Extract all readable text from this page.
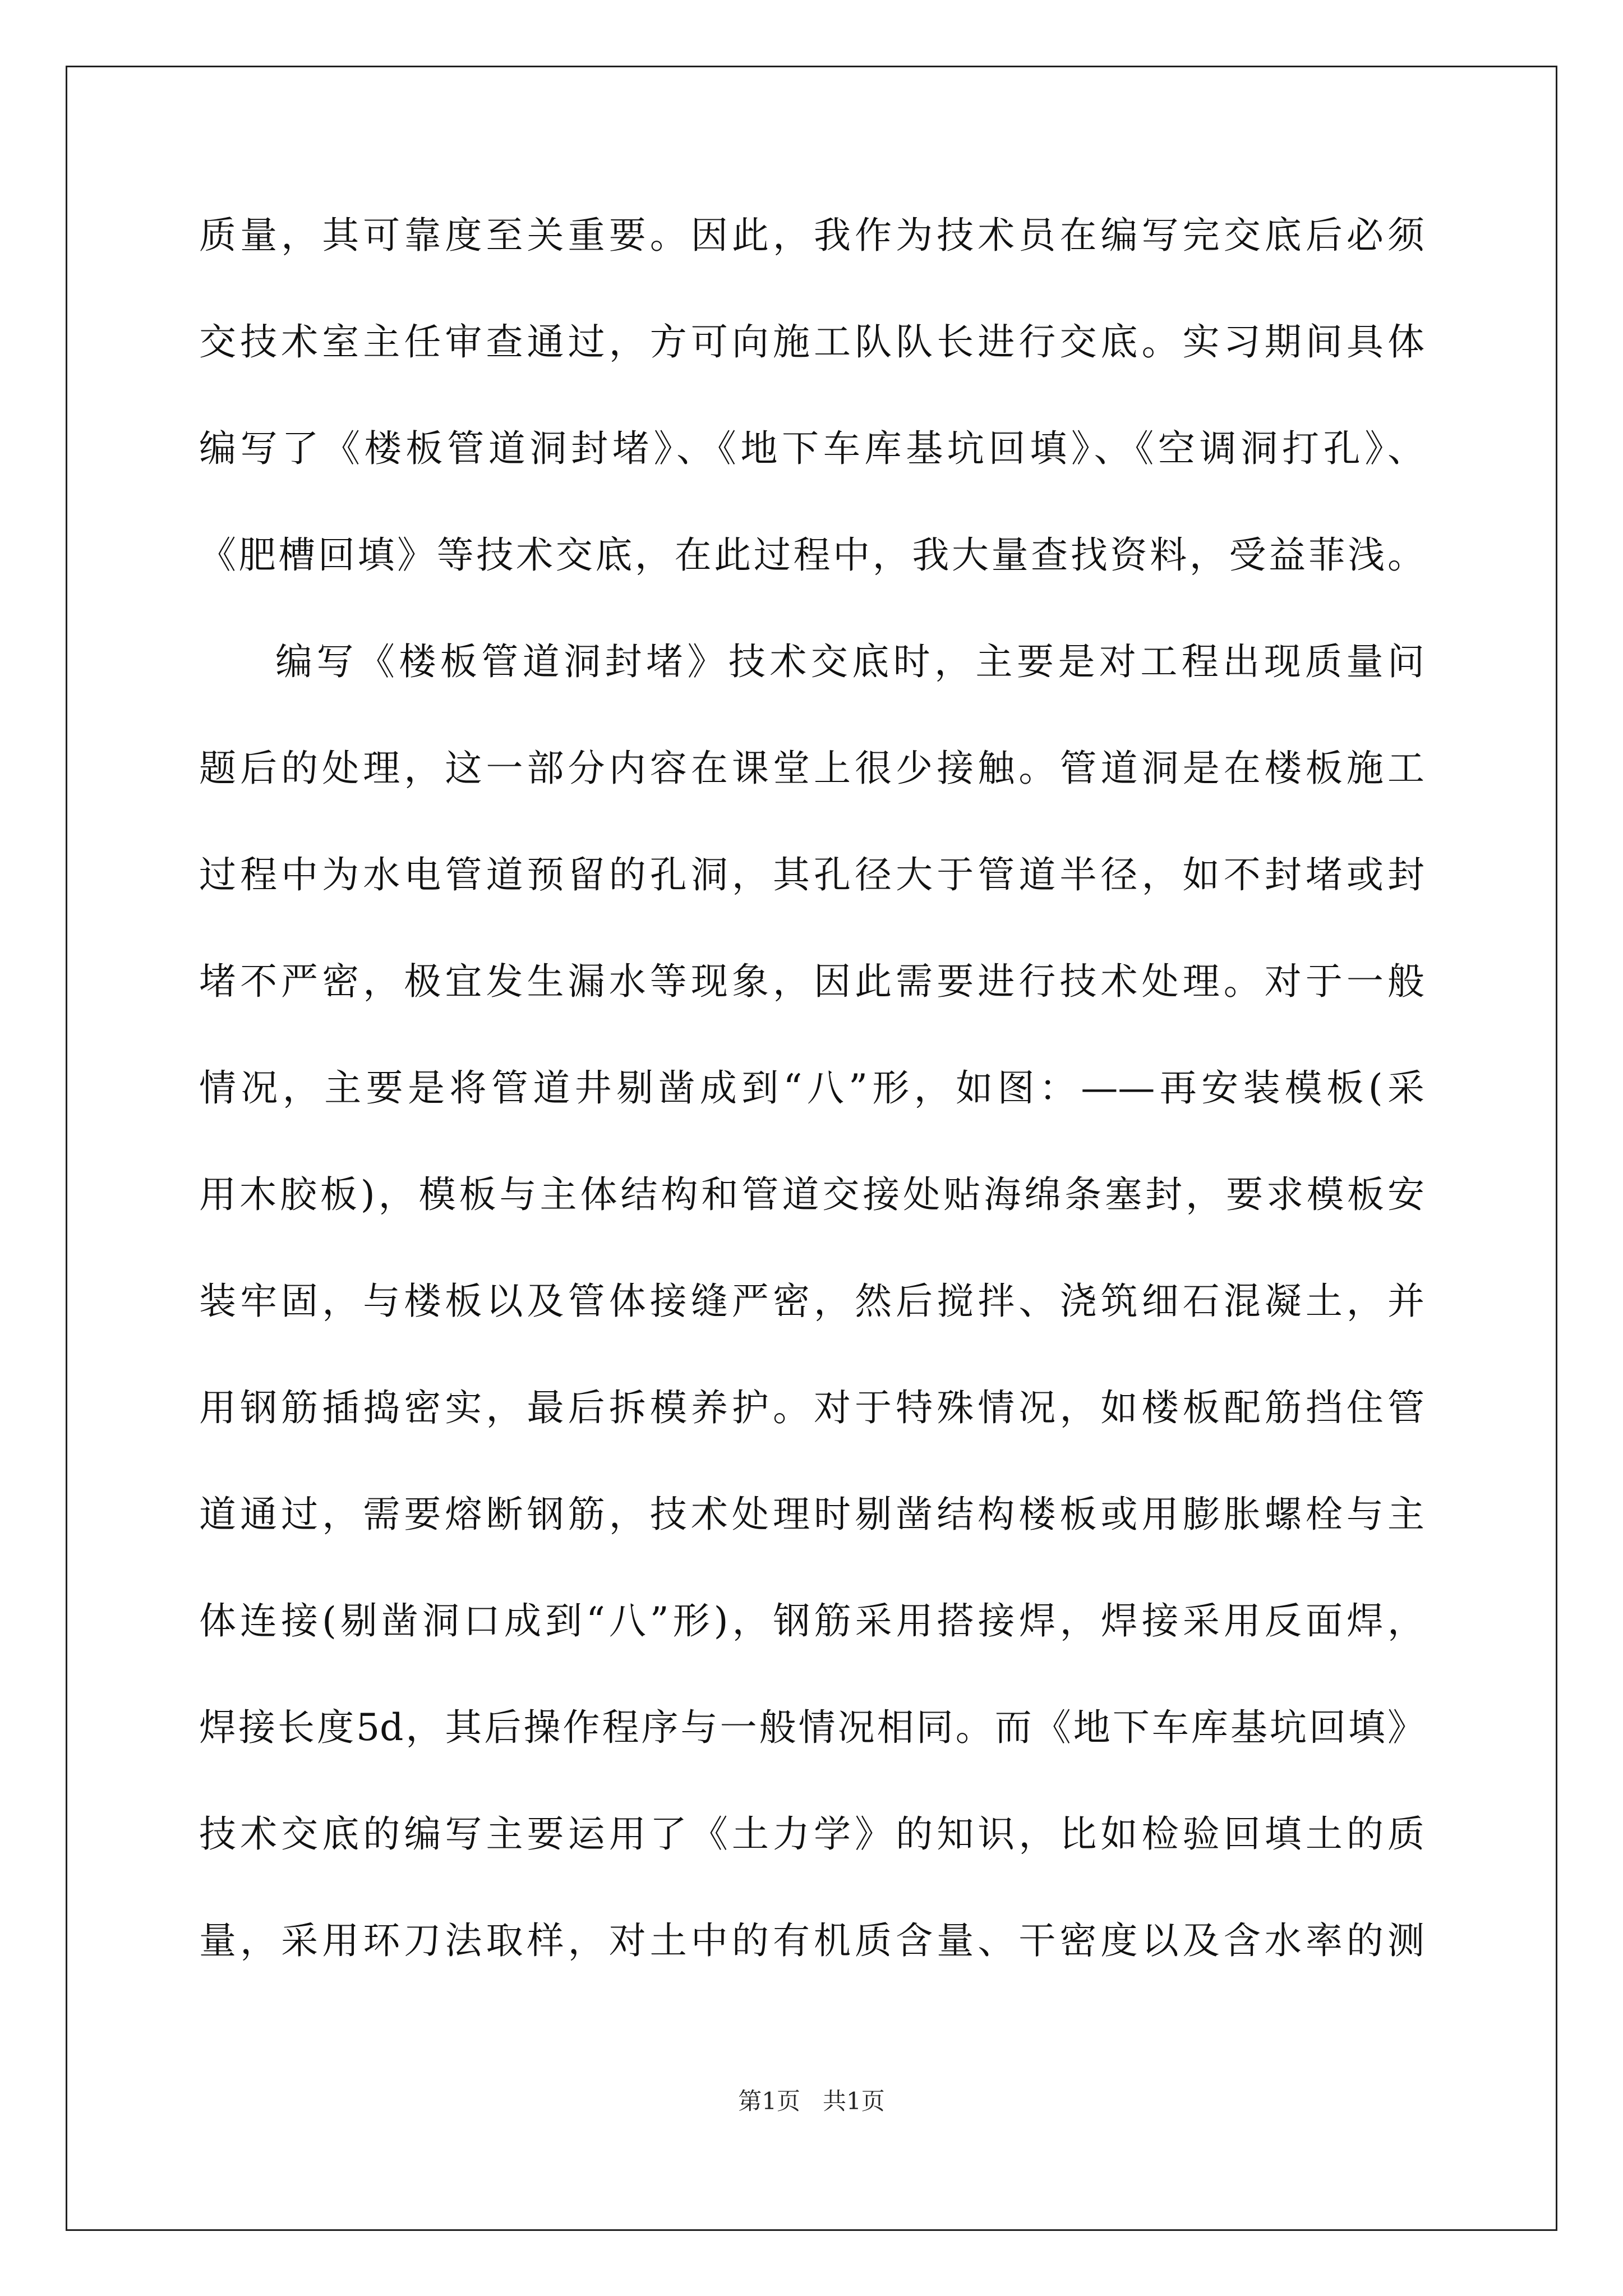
质量，其可靠度至关重要。因此，我作为技术员在编写完交底后必须
交技术室主任审查通过，方可向施工队队长进行交底。实习期间具体
编写了《楼板管道洞封堵》、《地下车库基坑回填》、《空调洞打孔》、
《肥槽回填》等技术交底，在此过程中，我大量查找资料，受益菲浅。
编写《楼板管道洞封堵》技术交底时，主要是对工程出现质量问
题后的处理，这一部分内容在课堂上很少接触。管道洞是在楼板施工
过程中为水电管道预留的孔洞，其孔径大于管道半径，如不封堵或封
堵不严密，极宜发生漏水等现象，因此需要进行技术处理。对于一般
情况，主要是将管道井剔凿成到“八”形，如图：——再安装模板(采
用木胶板)，模板与主体结构和管道交接处贴海绵条塞封，要求模板安
装牢固，与楼板以及管体接缝严密，然后搅拌、浇筑细石混凝土，并
用钢筋插捣密实，最后拆模养护。对于特殊情况，如楼板配筋挡住管
道通过，需要熔断钢筋，技术处理时剔凿结构楼板或用膨胀螺栓与主
体连接(剔凿洞口成到“八”形)，钢筋采用搭接焊，焊接采用反面焊，
焊接长度5d，其后操作程序与一般情况相同。而《地下车库基坑回填》
技术交底的编写主要运用了《土力学》的知识，比如检验回填土的质
量，采用环刀法取样，对土中的有机质含量、干密度以及含水率的测
第1页 共1页
